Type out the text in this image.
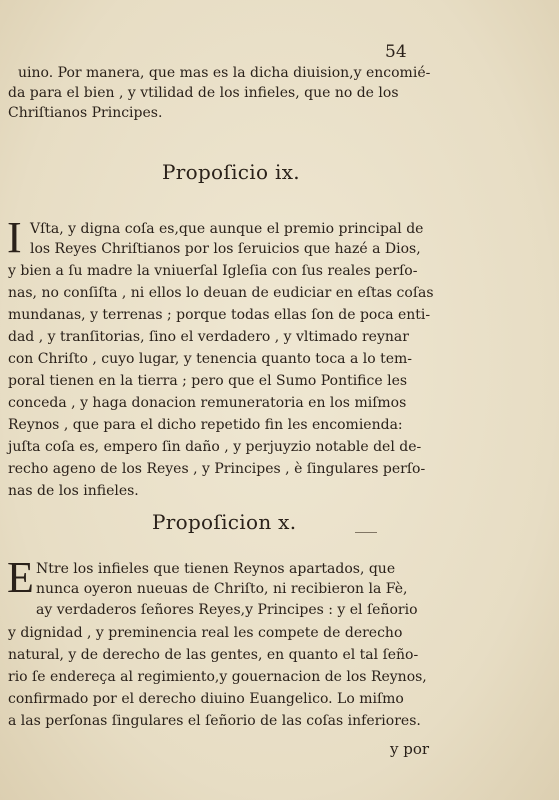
54
uino. Por manera, que mas es la dicha diuision,y encomié-
da para el bien , y vtilidad de los infieles, que no de los
Chriſtianos Principes.
Propoſicio ix.
I Vſta, y digna coſa es,que aunque el premio principal de
los Reyes Chriſtianos por los ſeruicios que hazé a Dios,
y bien a ſu madre la vniuerſal Igleſia con ſus reales perſo-
nas, no conſiſta , ni ellos lo deuan de eudiciar en eſtas coſas
mundanas, y terrenas ; porque todas ellas ſon de poca enti-
dad , y tranſitorias, ſino el verdadero , y vltimado reynar
con Chriſto , cuyo lugar, y tenencia quanto toca a lo tem-
poral tienen en la tierra ; pero que el Sumo Pontifice les
conceda , y haga donacion remuneratoria en los miſmos
Reynos , que para el dicho repetido fin les encomienda:
juſta coſa es, empero ſin daño , y perjuyzio notable del de-
recho ageno de los Reyes , y Principes , è ſingulares perſo-
nas de los infieles.
Propoſicion x.
E Ntre los infieles que tienen Reynos apartados, que
nunca oyeron nueuas de Chriſto, ni recibieron la Fè,
ay verdaderos ſeñores Reyes,y Principes : y el ſeñorio
y dignidad , y preminencia real les compete de derecho
natural, y de derecho de las gentes, en quanto el tal ſeño-
rio ſe endereça al regimiento,y gouernacion de los Reynos,
confirmado por el derecho diuino Euangelico. Lo miſmo
a las perſonas ſingulares el ſeñorio de las coſas inferiores.
y por
